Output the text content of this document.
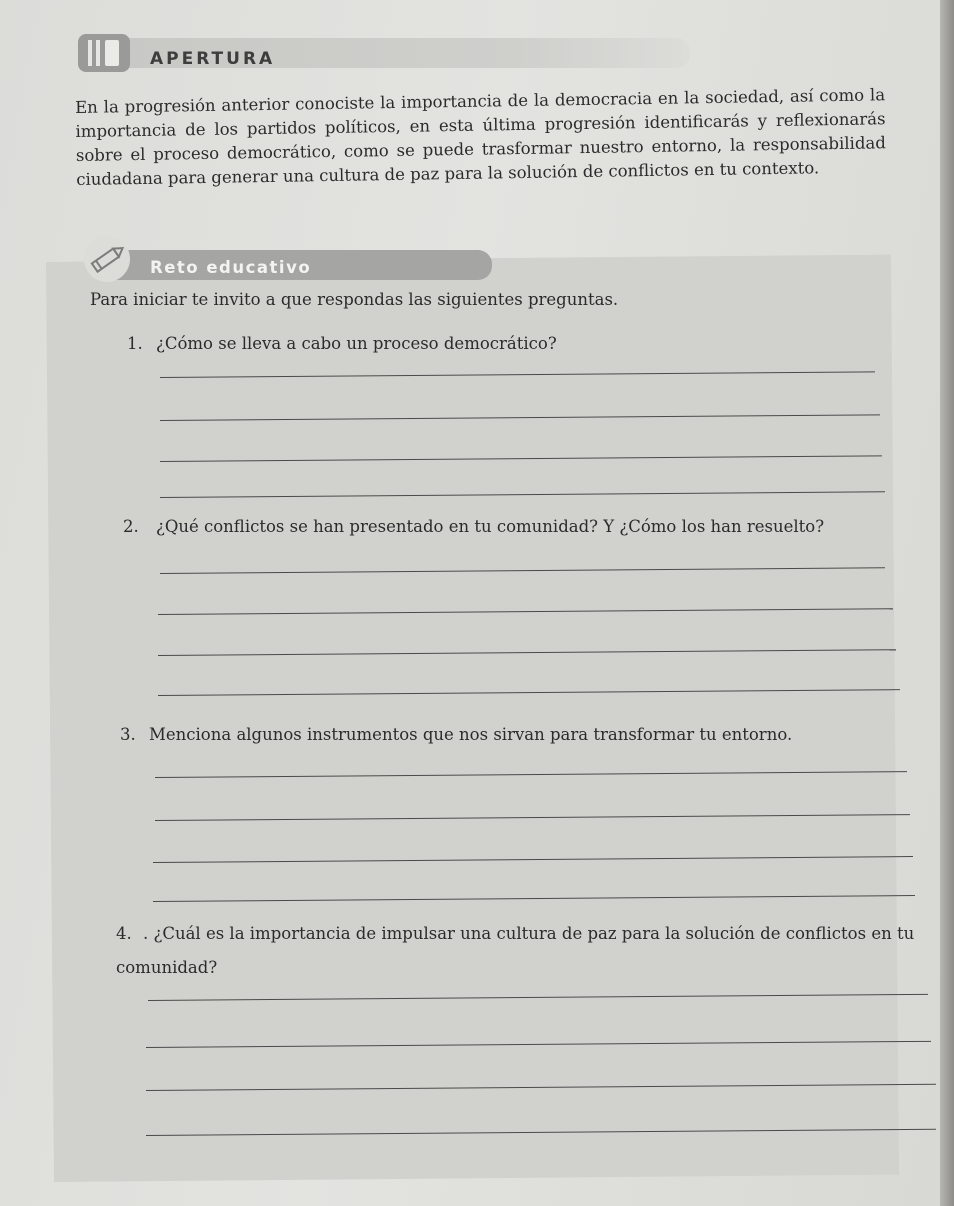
APERTURA
En la progresión anterior conociste la importancia de la democracia en la sociedad, así como la importancia de los partidos políticos, en esta última progresión identificarás y reflexionarás sobre el proceso democrático, como se puede trasformar nuestro entorno, la responsabilidad ciudadana para generar una cultura de paz para la solución de conflictos en tu contexto.
Reto educativo
Para iniciar te invito a que respondas las siguientes preguntas.
1. ¿Cómo se lleva a cabo un proceso democrático?
2. ¿Qué conflictos se han presentado en tu comunidad? Y ¿Cómo los han resuelto?
3. Menciona algunos instrumentos que nos sirvan para transformar tu entorno.
4. . ¿Cuál es la importancia de impulsar una cultura de paz para la solución de conflictos en tu comunidad?
